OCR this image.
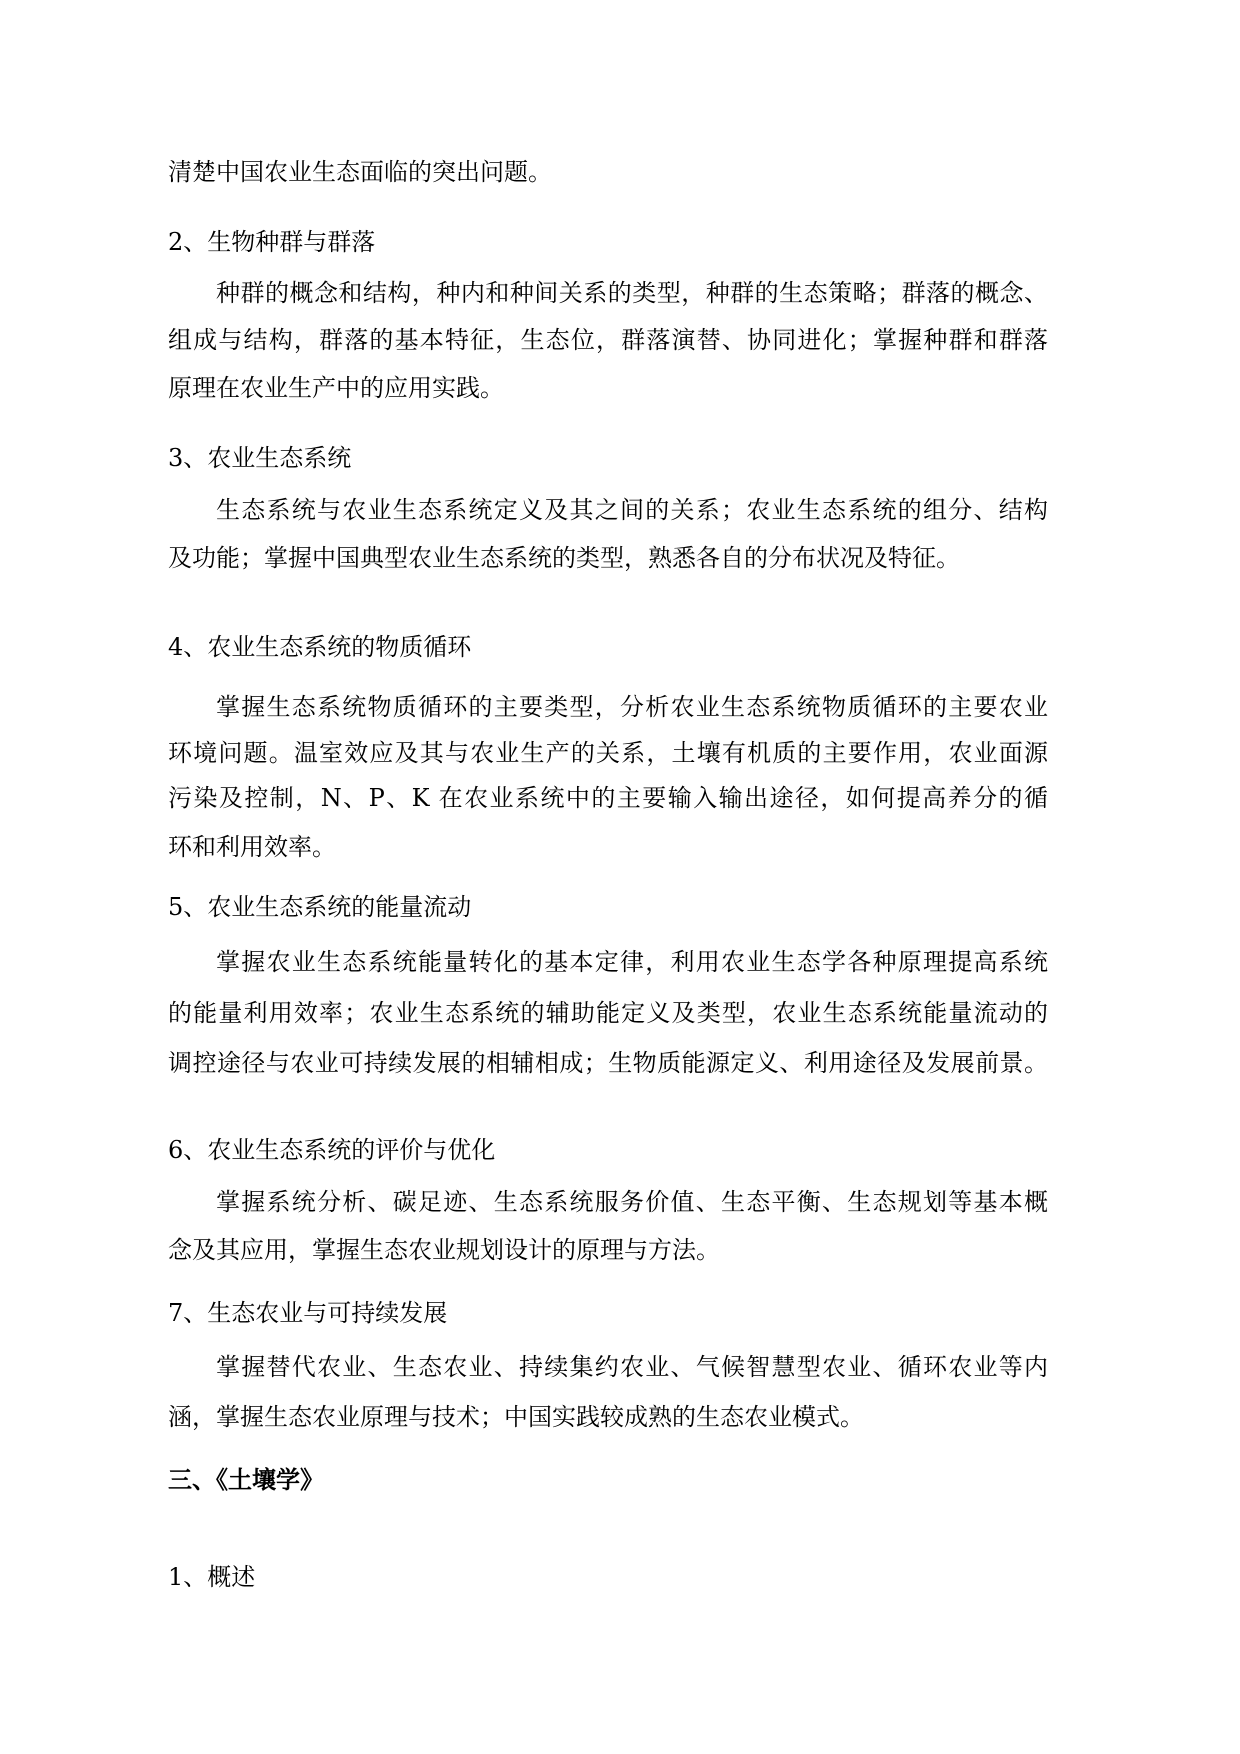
清楚中国农业生态面临的突出问题。
2、生物种群与群落
种群的概念和结构，种内和种间关系的类型，种群的生态策略；群落的概念、
组成与结构，群落的基本特征，生态位，群落演替、协同进化；掌握种群和群落
原理在农业生产中的应用实践。
3、农业生态系统
生态系统与农业生态系统定义及其之间的关系；农业生态系统的组分、结构
及功能；掌握中国典型农业生态系统的类型，熟悉各自的分布状况及特征。
4、农业生态系统的物质循环
掌握生态系统物质循环的主要类型，分析农业生态系统物质循环的主要农业
环境问题。温室效应及其与农业生产的关系，土壤有机质的主要作用，农业面源
污染及控制，N、P、K 在农业系统中的主要输入输出途径，如何提高养分的循
环和利用效率。
5、农业生态系统的能量流动
掌握农业生态系统能量转化的基本定律，利用农业生态学各种原理提高系统
的能量利用效率；农业生态系统的辅助能定义及类型，农业生态系统能量流动的
调控途径与农业可持续发展的相辅相成；生物质能源定义、利用途径及发展前景。
6、农业生态系统的评价与优化
掌握系统分析、碳足迹、生态系统服务价值、生态平衡、生态规划等基本概
念及其应用，掌握生态农业规划设计的原理与方法。
7、生态农业与可持续发展
掌握替代农业、生态农业、持续集约农业、气候智慧型农业、循环农业等内
涵，掌握生态农业原理与技术；中国实践较成熟的生态农业模式。
三、《土壤学》
1、概述
